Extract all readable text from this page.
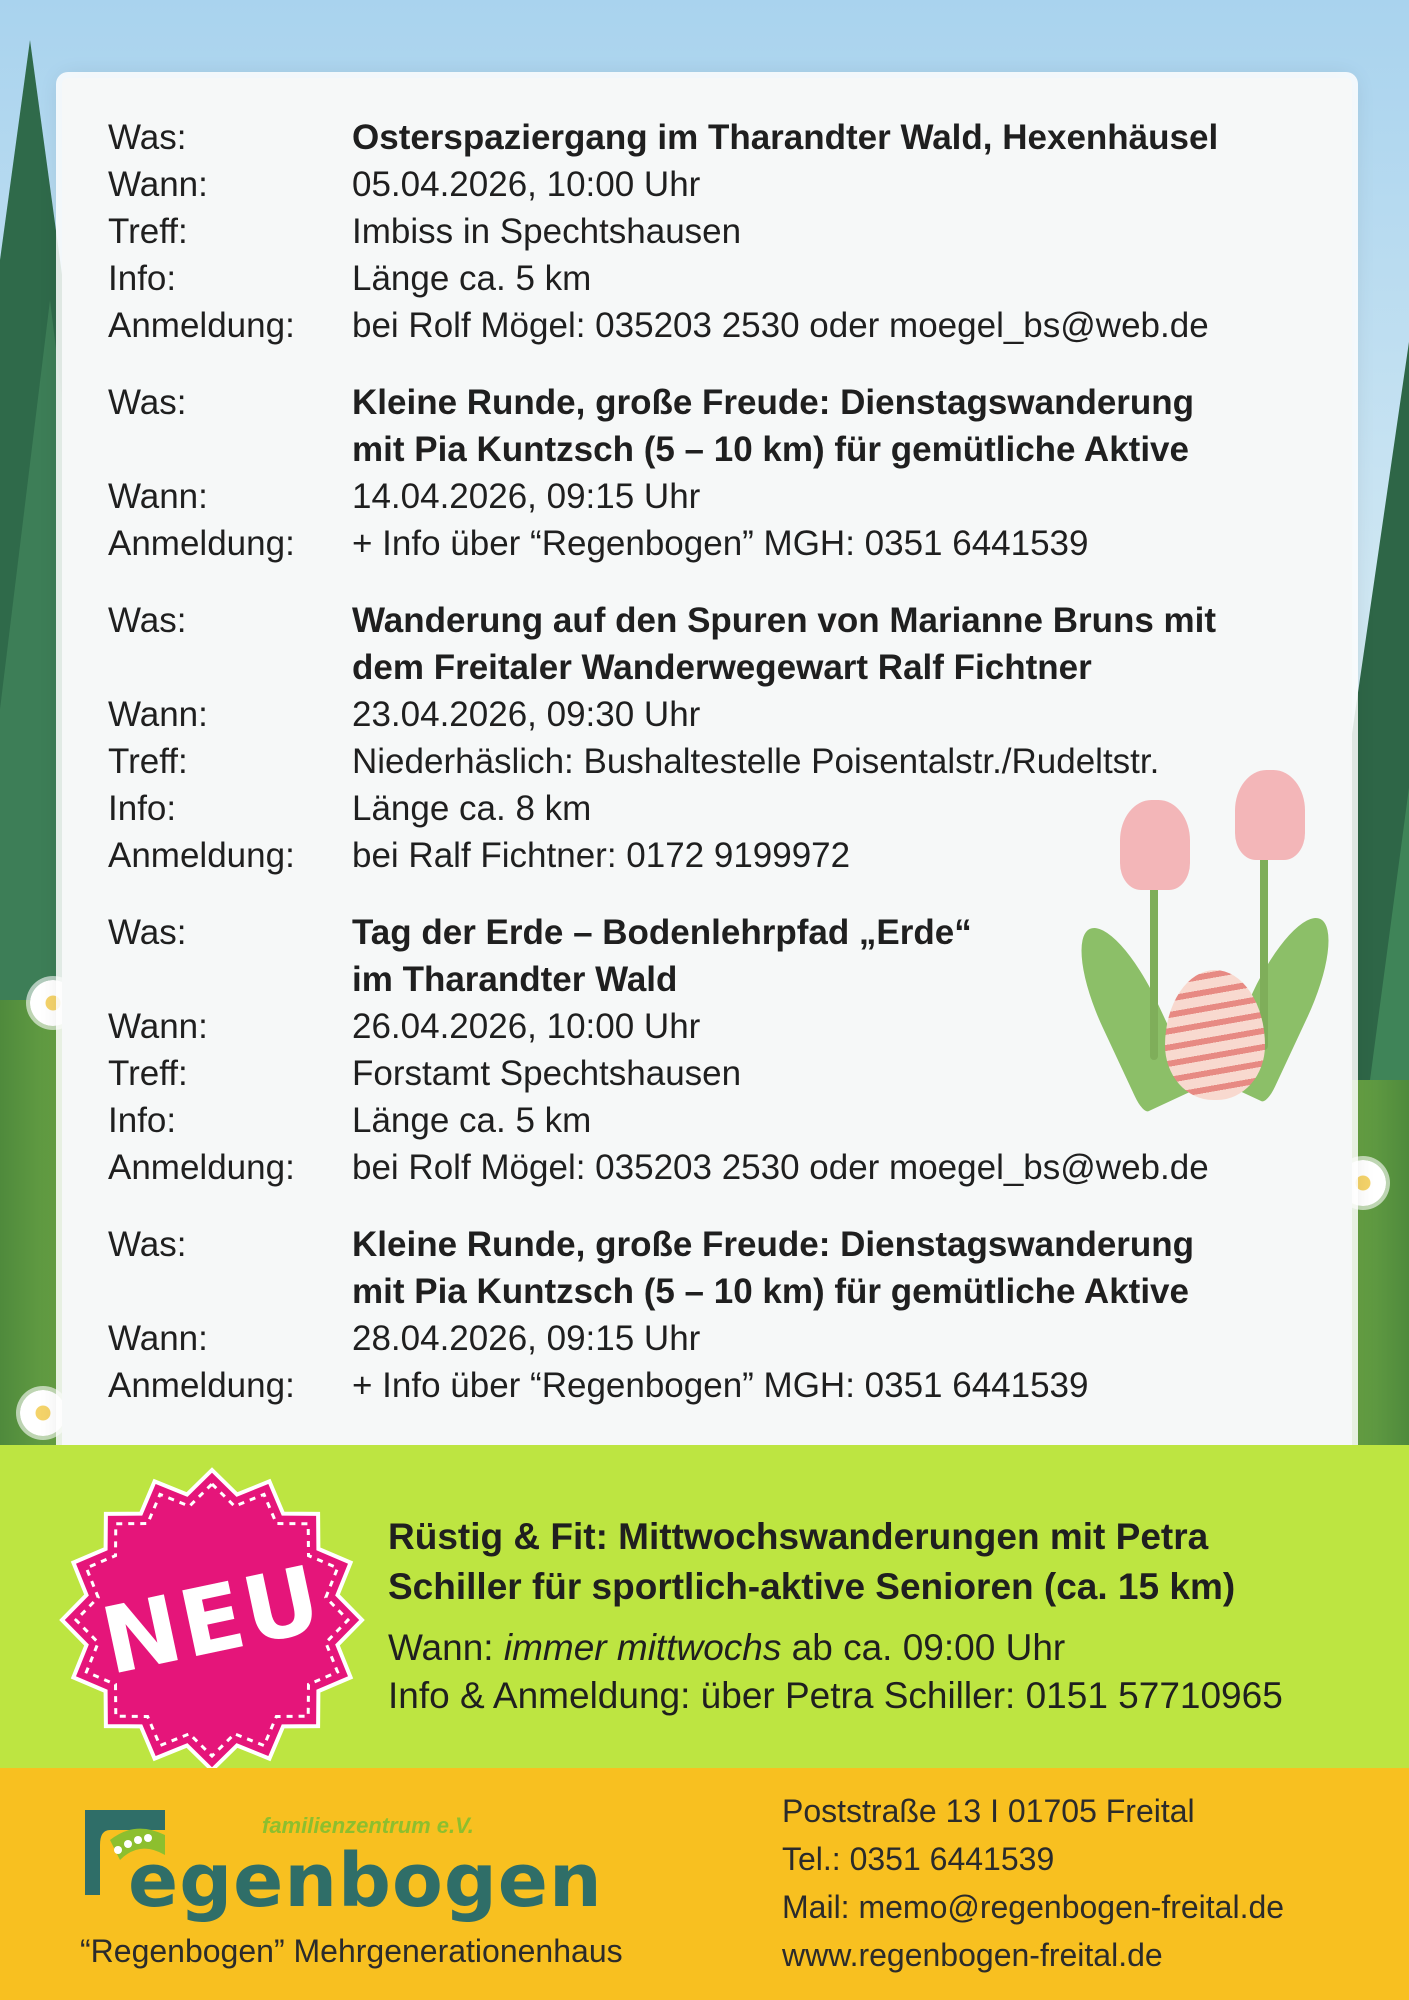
Was:	Osterspaziergang im Tharandter Wald, Hexenhäusel
Wann:	05.04.2026, 10:00 Uhr
Treff:	Imbiss in Spechtshausen
Info:	Länge ca. 5 km
Anmeldung:	bei Rolf Mögel: 035203 2530 oder moegel_bs@web.de
Was:	Kleine Runde, große Freude: Dienstagswanderung
mit Pia Kuntzsch (5 – 10 km) für gemütliche Aktive
Wann:	14.04.2026, 09:15 Uhr
Anmeldung:	+ Info über “Regenbogen” MGH: 0351 6441539
Was:	Wanderung auf den Spuren von Marianne Bruns mit
dem Freitaler Wanderwegewart Ralf Fichtner
Wann:	23.04.2026, 09:30 Uhr
Treff:	Niederhäslich: Bushaltestelle Poisentalstr./Rudeltstr.
Info:	Länge ca. 8 km
Anmeldung:	bei Ralf Fichtner: 0172 9199972
Was:	Tag der Erde – Bodenlehrpfad „Erde“
im Tharandter Wald
Wann:	26.04.2026, 10:00 Uhr
Treff:	Forstamt Spechtshausen
Info:	Länge ca. 5 km
Anmeldung:	bei Rolf Mögel: 035203 2530 oder moegel_bs@web.de
Was:	Kleine Runde, große Freude: Dienstagswanderung
mit Pia Kuntzsch (5 – 10 km) für gemütliche Aktive
Wann:	28.04.2026, 09:15 Uhr
Anmeldung:	+ Info über “Regenbogen” MGH: 0351 6441539
NEU
Rüstig & Fit: Mittwochswanderungen mit Petra
Schiller für sportlich-aktive Senioren (ca. 15 km)
Wann: immer mittwochs ab ca. 09:00 Uhr
Info & Anmeldung: über Petra Schiller: 0151 57710965
familienzentrum e.V.
egenbogen
“Regenbogen” Mehrgenerationenhaus
Poststraße 13 I 01705 Freital
Tel.: 0351 6441539
Mail: memo@regenbogen-freital.de
www.regenbogen-freital.de
